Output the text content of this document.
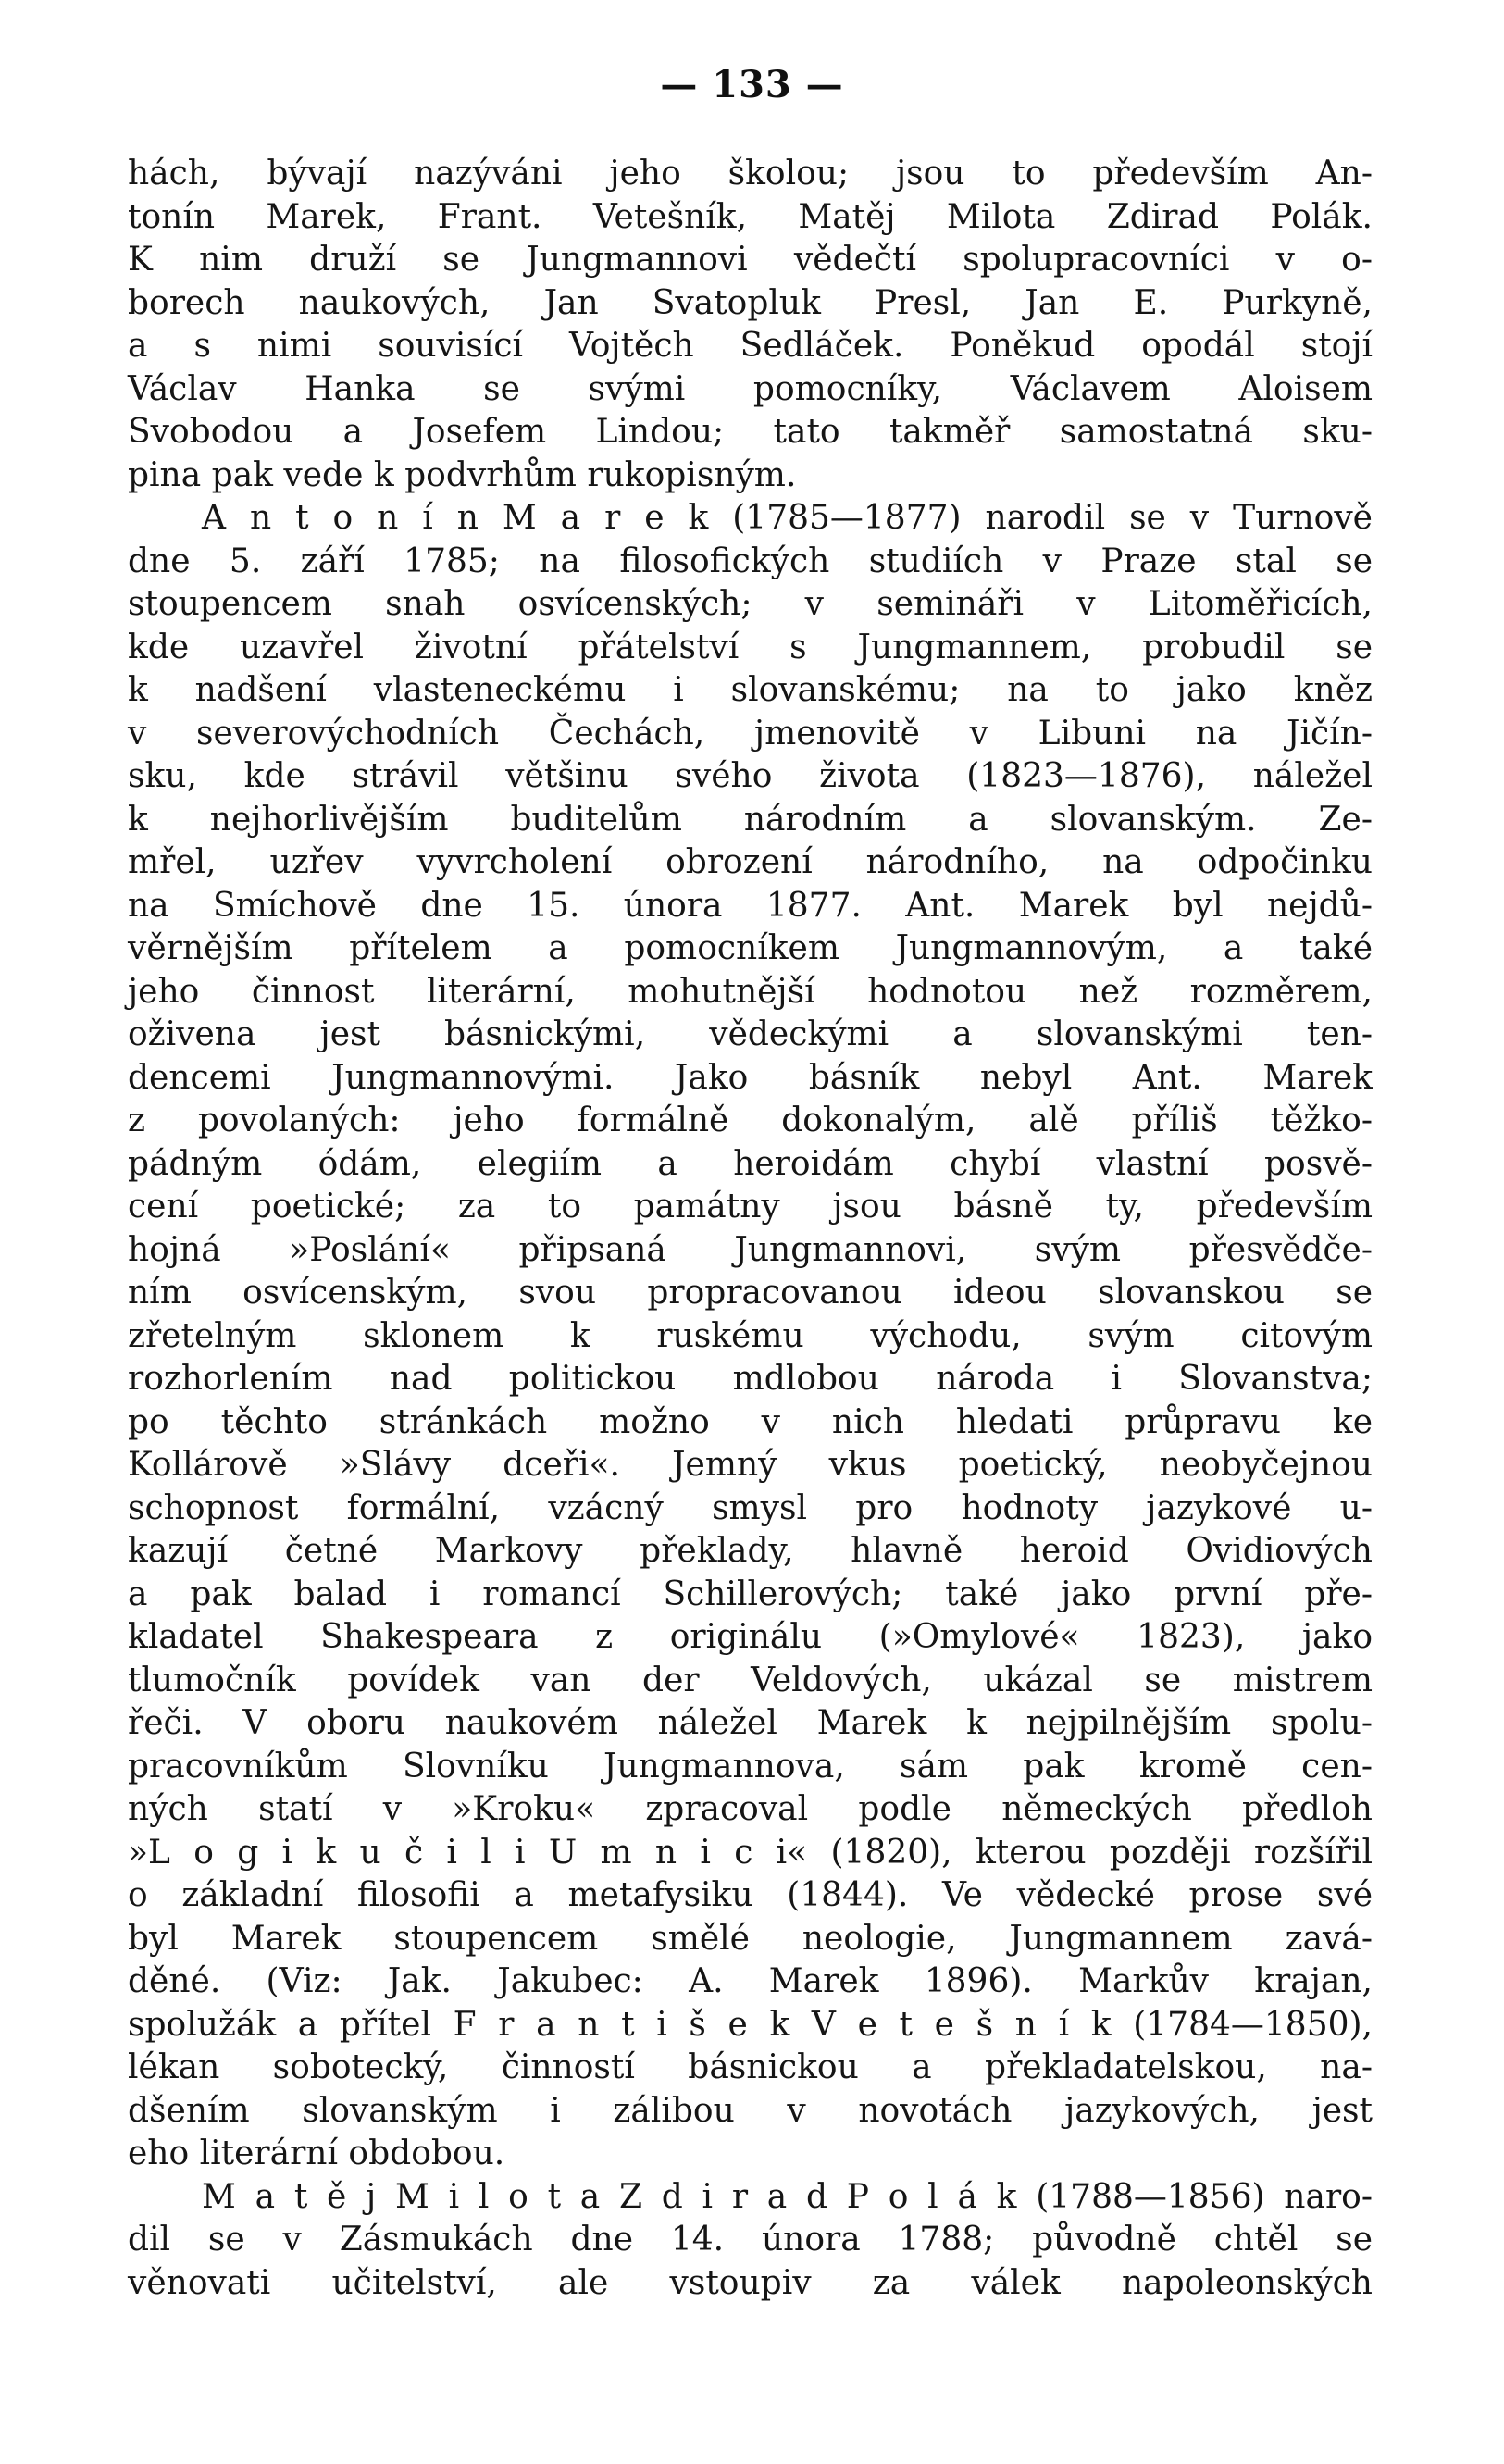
— 133 —
hách, bývají nazýváni jeho školou; jsou to především An-
tonín Marek, Frant. Vetešník, Matěj Milota Zdirad Polák.
K nim druží se Jungmannovi vědečtí spolupracovníci v o-
borech naukových, Jan Svatopluk Presl, Jan E. Purkyně,
a s nimi souvisící Vojtěch Sedláček. Poněkud opodál stojí
Václav Hanka se svými pomocníky, Václavem Aloisem
Svobodou a Josefem Lindou; tato takměř samostatná sku-
pina pak vede k podvrhům rukopisným.
A n t o n í n M a r e k (1785—1877) narodil se v Turnově
dne 5. září 1785; na filosofických studiích v Praze stal se
stoupencem snah osvícenských; v semináři v Litoměřicích,
kde uzavřel životní přátelství s Jungmannem, probudil se
k nadšení vlasteneckému i slovanskému; na to jako kněz
v severovýchodních Čechách, jmenovitě v Libuni na Jičín-
sku, kde strávil většinu svého života (1823—1876), náležel
k nejhorlivějším buditelům národním a slovanským. Ze-
mřel, uzřev vyvrcholení obrození národního, na odpočinku
na Smíchově dne 15. února 1877. Ant. Marek byl nejdů-
věrnějším přítelem a pomocníkem Jungmannovým, a také
jeho činnost literární, mohutnější hodnotou než rozměrem,
oživena jest básnickými, vědeckými a slovanskými ten-
dencemi Jungmannovými. Jako básník nebyl Ant. Marek
z povolaných: jeho formálně dokonalým, alě příliš těžko-
pádným ódám, elegiím a heroidám chybí vlastní posvě-
cení poetické; za to památny jsou básně ty, především
hojná »Poslání« připsaná Jungmannovi, svým přesvědče-
ním osvícenským, svou propracovanou ideou slovanskou se
zřetelným sklonem k ruskému východu, svým citovým
rozhorlením nad politickou mdlobou národa i Slovanstva;
po těchto stránkách možno v nich hledati průpravu ke
Kollárově »Slávy dceři«. Jemný vkus poetický, neobyčejnou
schopnost formální, vzácný smysl pro hodnoty jazykové u-
kazují četné Markovy překlady, hlavně heroid Ovidiových
a pak balad i romancí Schillerových; také jako první pře-
kladatel Shakespeara z originálu (»Omylové« 1823), jako
tlumočník povídek van der Veldových, ukázal se mistrem
řeči. V oboru naukovém náležel Marek k nejpilnějším spolu-
pracovníkům Slovníku Jungmannova, sám pak kromě cen-
ných statí v »Kroku« zpracoval podle německých předloh
»L o g i k u č i l i U m n i c i« (1820), kterou později rozšířil
o základní filosofii a metafysiku (1844). Ve vědecké prose své
byl Marek stoupencem smělé neologie, Jungmannem zavá-
děné. (Viz: Jak. Jakubec: A. Marek 1896). Markův krajan,
spolužák a přítel F r a n t i š e k V e t e š n í k (1784—1850),
lékan sobotecký, činností básnickou a překladatelskou, na-
dšením slovanským i zálibou v novotách jazykových, jest
eho literární obdobou.
M a t ě j M i l o t a Z d i r a d P o l á k (1788—1856) naro-
dil se v Zásmukách dne 14. února 1788; původně chtěl se
věnovati učitelství, ale vstoupiv za válek napoleonských
